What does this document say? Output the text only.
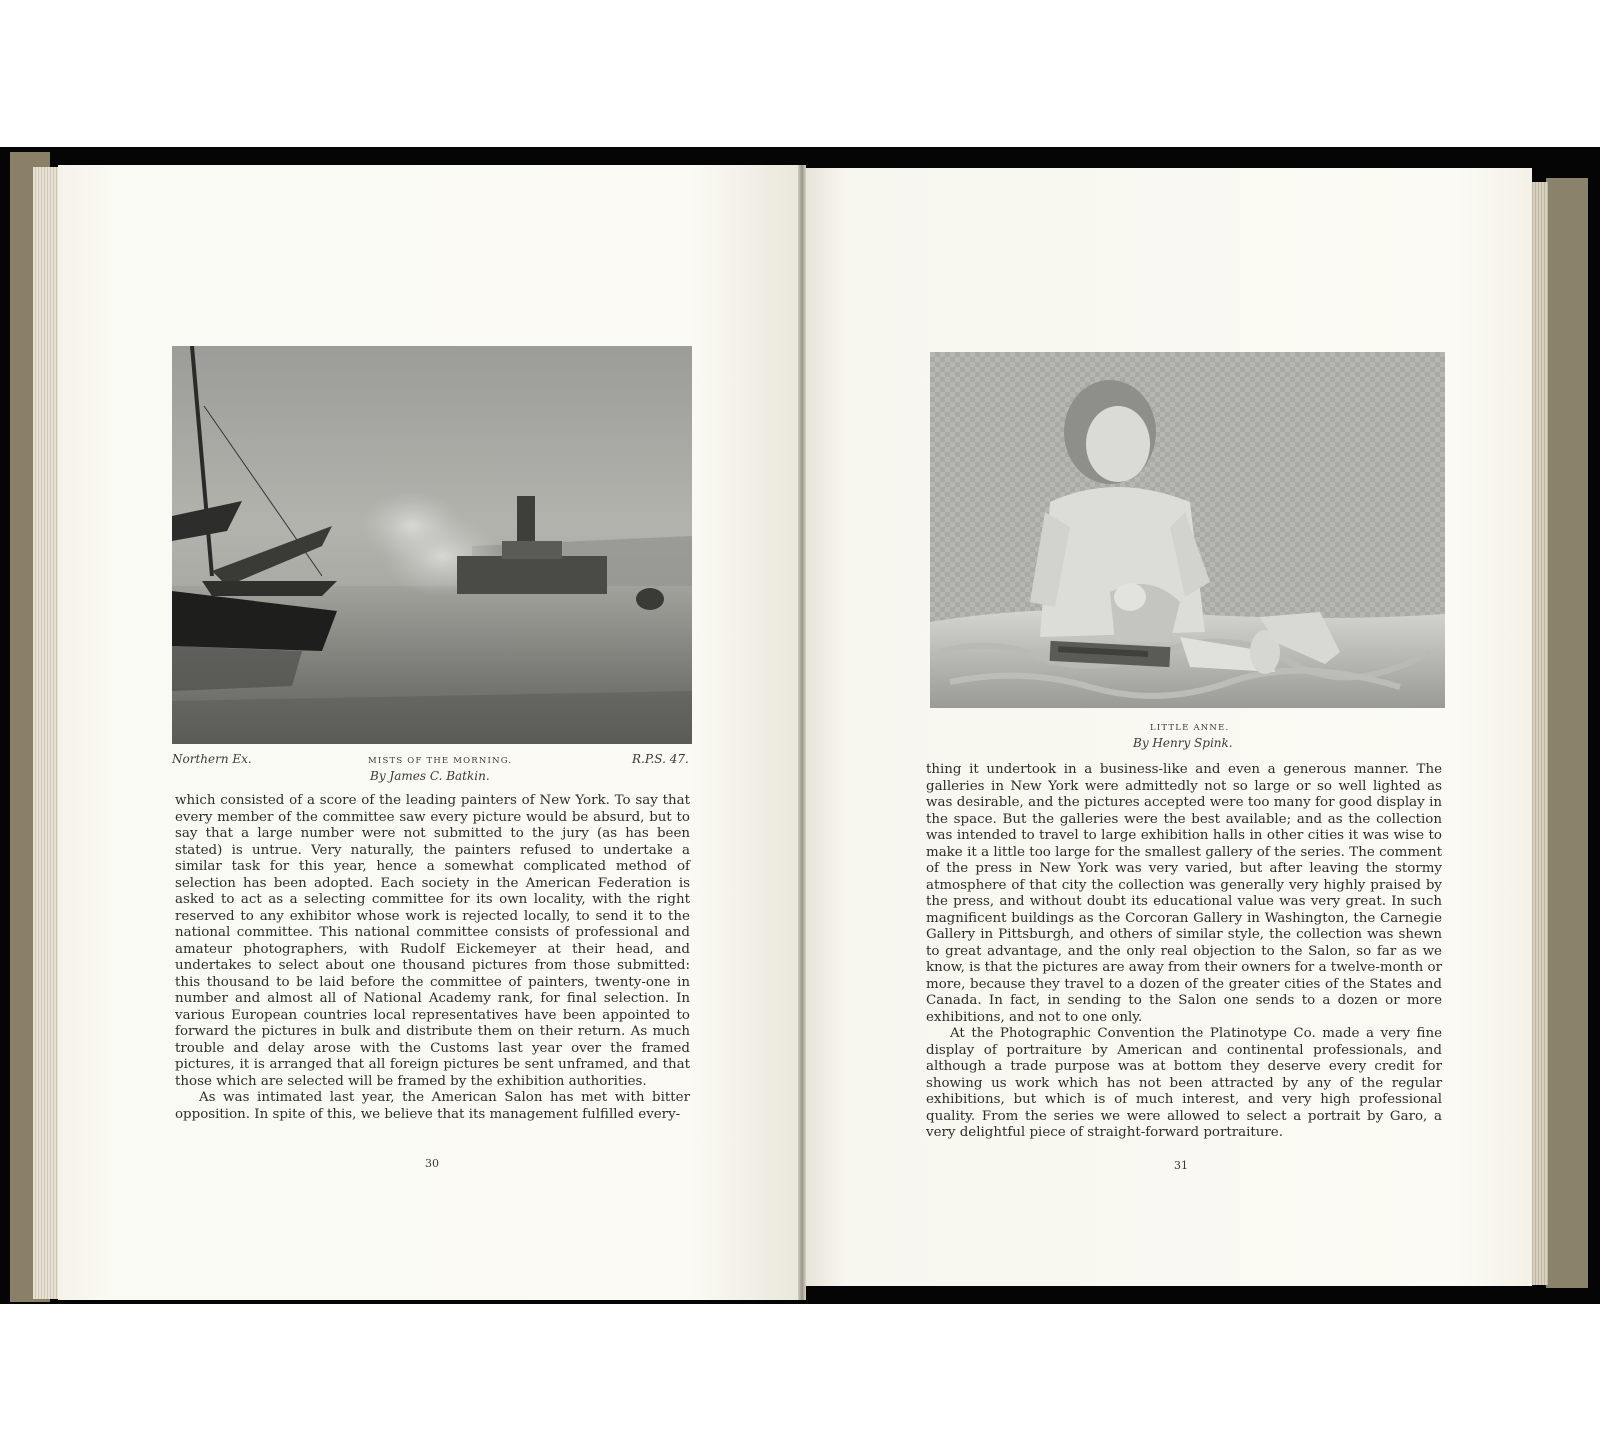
Northern Ex.	MISTS OF THE MORNING.	R.P.S. 47.
By James C. Batkin.

which consisted of a score of the leading painters of New York. To say that every member of the committee saw every picture would be absurd, but to say that a large number were not submitted to the jury (as has been stated) is untrue. Very naturally, the painters refused to undertake a similar task for this year, hence a somewhat complicated method of selection has been adopted. Each society in the American Federation is asked to act as a selecting committee for its own locality, with the right reserved to any exhibitor whose work is rejected locally, to send it to the national committee. This national committee consists of professional and amateur photographers, with Rudolf Eickemeyer at their head, and undertakes to select about one thousand pictures from those submitted: this thousand to be laid before the committee of painters, twenty-one in number and almost all of National Academy rank, for final selection. In various European countries local representatives have been appointed to forward the pictures in bulk and distribute them on their return. As much trouble and delay arose with the Customs last year over the framed pictures, it is arranged that all foreign pictures be sent unframed, and that those which are selected will be framed by the exhibition authorities.

As was intimated last year, the American Salon has met with bitter opposition. In spite of this, we believe that its management fulfilled every-

30
LITTLE ANNE.
By Henry Spink.

thing it undertook in a business-like and even a generous manner. The galleries in New York were admittedly not so large or so well lighted as was desirable, and the pictures accepted were too many for good display in the space. But the galleries were the best available; and as the collection was intended to travel to large exhibition halls in other cities it was wise to make it a little too large for the smallest gallery of the series. The comment of the press in New York was very varied, but after leaving the stormy atmosphere of that city the collection was generally very highly praised by the press, and without doubt its educational value was very great. In such magnificent buildings as the Corcoran Gallery in Washington, the Carnegie Gallery in Pittsburgh, and others of similar style, the collection was shewn to great advantage, and the only real objection to the Salon, so far as we know, is that the pictures are away from their owners for a twelve-month or more, because they travel to a dozen of the greater cities of the States and Canada. In fact, in sending to the Salon one sends to a dozen or more exhibitions, and not to one only.

At the Photographic Convention the Platinotype Co. made a very fine display of portraiture by American and continental professionals, and although a trade purpose was at bottom they deserve every credit for showing us work which has not been attracted by any of the regular exhibitions, but which is of much interest, and very high professional quality. From the series we were allowed to select a portrait by Garo, a very delightful piece of straight-forward portraiture.

31
